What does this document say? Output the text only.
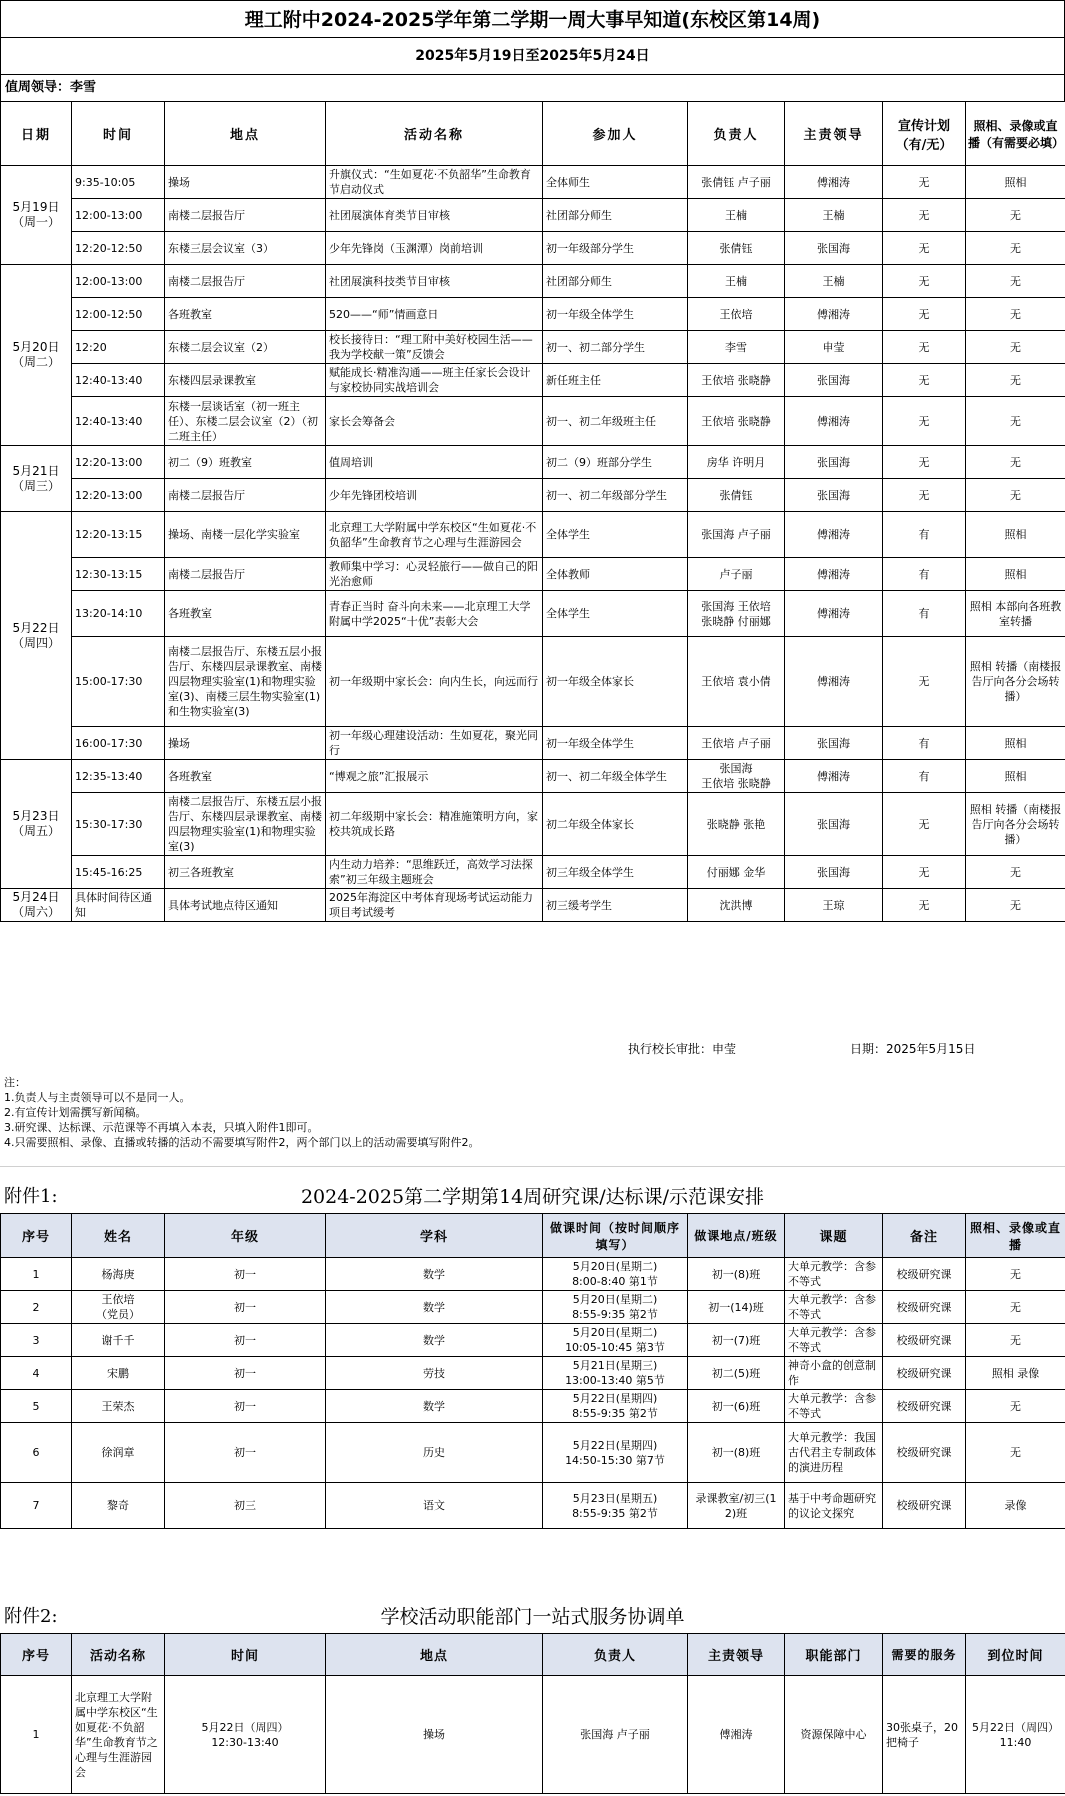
理工附中2024-2025学年第二学期一周大事早知道(东校区第14周)
2025年5月19日至2025年5月24日
值周领导：李雪
日期	时间	地点	活动名称	参加人	负责人	主责领导	宣传计划（有/无）	照相、录像或直播（有需要必填）
5月19日
（周一）	9:35-10:05	操场	升旗仪式：“生如夏花·不负韶华”生命教育节启动仪式	全体师生	张倩钰 卢子丽	傅湘涛	无	照相
	12:00-13:00	南楼二层报告厅	社团展演体育类节目审核	社团部分师生	王楠	王楠	无	无
	12:20-12:50	东楼三层会议室（3）	少年先锋岗（玉渊潭）岗前培训	初一年级部分学生	张倩钰	张国海	无	无
5月20日
（周二）	12:00-13:00	南楼二层报告厅	社团展演科技类节目审核	社团部分师生	王楠	王楠	无	无
	12:00-12:50	各班教室	520——“师”情画意日	初一年级全体学生	王依培	傅湘涛	无	无
	12:20	东楼二层会议室（2）	校长接待日：“理工附中美好校园生活——我为学校献一策”反馈会	初一、初二部分学生	李雪	申莹	无	无
	12:40-13:40	东楼四层录课教室	赋能成长·精准沟通——班主任家长会设计与家校协同实战培训会	新任班主任	王依培 张晓静	张国海	无	无
	12:40-13:40	东楼一层谈话室（初一班主任）、东楼二层会议室（2）（初二班主任）	家长会筹备会	初一、初二年级班主任	王依培 张晓静	傅湘涛	无	无
5月21日
（周三）	12:20-13:00	初二（9）班教室	值周培训	初二（9）班部分学生	房华 许明月	张国海	无	无
	12:20-13:00	南楼二层报告厅	少年先锋团校培训	初一、初二年级部分学生	张倩钰	张国海	无	无
5月22日
（周四）	12:20-13:15	操场、南楼一层化学实验室	北京理工大学附属中学东校区“生如夏花·不负韶华”生命教育节之心理与生涯游园会	全体学生	张国海 卢子丽	傅湘涛	有	照相
	12:30-13:15	南楼二层报告厅	教师集中学习：心灵轻旅行——做自己的阳光治愈师	全体教师	卢子丽	傅湘涛	有	照相
	13:20-14:10	各班教室	青春正当时 奋斗向未来——北京理工大学附属中学2025“十优”表彰大会	全体学生	张国海 王依培
张晓静 付丽娜	傅湘涛	有	照相 本部向各班教室转播
	15:00-17:30	南楼二层报告厅、东楼五层小报告厅、东楼四层录课教室、南楼四层物理实验室(1)和物理实验室(3)、南楼三层生物实验室(1)和生物实验室(3)	初一年级期中家长会：向内生长，向远而行	初一年级全体家长	王依培 袁小倩	傅湘涛	无	照相 转播（南楼报告厅向各分会场转播）
	16:00-17:30	操场	初一年级心理建设活动：生如夏花，聚光同行	初一年级全体学生	王依培 卢子丽	张国海	有	照相
5月23日
（周五）	12:35-13:40	各班教室	“博观之旅”汇报展示	初一、初二年级全体学生	张国海
王依培 张晓静	傅湘涛	有	照相
	15:30-17:30	南楼二层报告厅、东楼五层小报告厅、东楼四层录课教室、南楼四层物理实验室(1)和物理实验室(3)	初二年级期中家长会：精准施策明方向，家校共筑成长路	初二年级全体家长	张晓静 张艳	张国海	无	照相 转播（南楼报告厅向各分会场转播）
	15:45-16:25	初三各班教室	内生动力培养：“思维跃迁，高效学习法探索”初三年级主题班会	初三年级全体学生	付丽娜 金华	张国海	无	无
5月24日
（周六）	具体时间待区通知	具体考试地点待区通知	2025年海淀区中考体育现场考试运动能力项目考试缓考	初三缓考学生	沈洪博	王琼	无	无
执行校长审批：申莹	日期：2025年5月15日
注：
1.负责人与主责领导可以不是同一人。
2.有宣传计划需撰写新闻稿。
3.研究课、达标课、示范课等不再填入本表，只填入附件1即可。
4.只需要照相、录像、直播或转播的活动不需要填写附件2，两个部门以上的活动需要填写附件2。
附件1:	2024-2025第二学期第14周研究课/达标课/示范课安排
序号	姓名	年级	学科	做课时间（按时间顺序填写）	做课地点/班级	课题	备注	照相、录像或直播
1	杨海庚	初一	数学	5月20日(星期二)
8:00-8:40 第1节	初一(8)班	大单元教学：含参不等式	校级研究课	无
2	王依培
（党员）	初一	数学	5月20日(星期二)
8:55-9:35 第2节	初一(14)班	大单元教学：含参不等式	校级研究课	无
3	谢千千	初一	数学	5月20日(星期二)
10:05-10:45 第3节	初一(7)班	大单元教学：含参不等式	校级研究课	无
4	宋鹏	初一	劳技	5月21日(星期三)
13:00-13:40 第5节	初二(5)班	神奇小盒的创意制作	校级研究课	照相 录像
5	王荣杰	初一	数学	5月22日(星期四)
8:55-9:35 第2节	初一(6)班	大单元教学：含参不等式	校级研究课	无
6	徐润章	初一	历史	5月22日(星期四)
14:50-15:30 第7节	初一(8)班	大单元教学：我国古代君主专制政体的演进历程	校级研究课	无
7	黎奇	初三	语文	5月23日(星期五)
8:55-9:35 第2节	录课教室/初三(12)班	基于中考命题研究的议论文探究	校级研究课	录像
附件2:	学校活动职能部门一站式服务协调单
序号	活动名称	时间	地点	负责人	主责领导	职能部门	需要的服务	到位时间
1	北京理工大学附属中学东校区“生如夏花·不负韶华”生命教育节之心理与生涯游园会	5月22日（周四）
12:30-13:40	操场	张国海 卢子丽	傅湘涛	资源保障中心	30张桌子，20把椅子	5月22日（周四）
11:40
